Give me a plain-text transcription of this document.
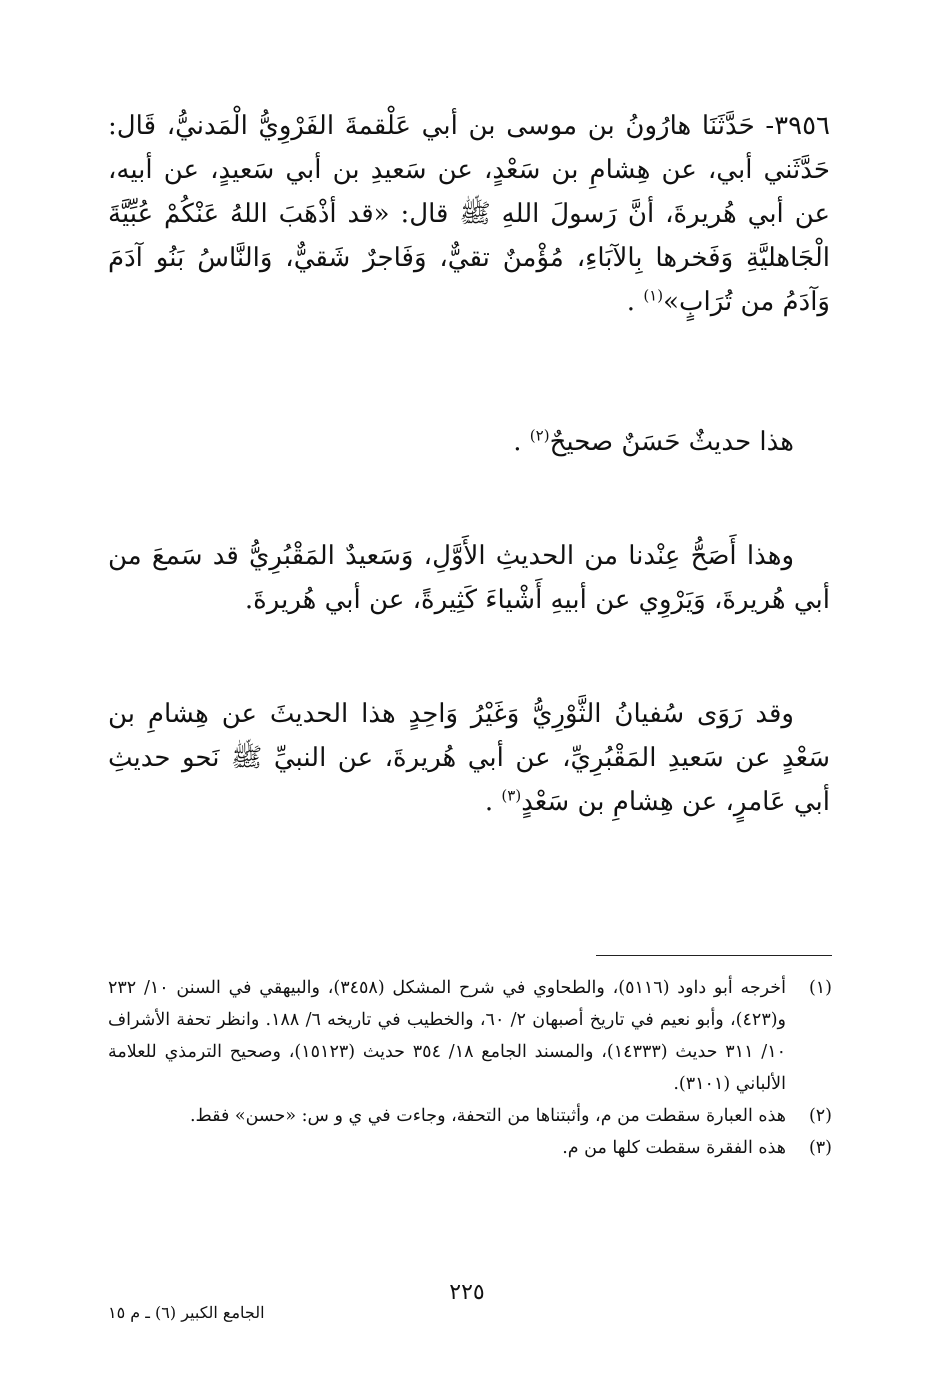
٣٩٥٦- حَدَّثَنَا هارُونُ بن موسى بن أبي عَلْقمةَ الفَرْوِيُّ الْمَدنيُّ، قَال: حَدَّثَني أبي، عن هِشامِ بن سَعْدٍ، عن سَعيدِ بن أبي سَعيدٍ، عن أبيه، عن أبي هُريرةَ، أنَّ رَسولَ اللهِ ﷺ قال: «قد أذْهَبَ اللهُ عَنْكُمْ عُبِّيَّةَ الْجَاهليَّةِ وَفَخرها بِالآبَاءِ، مُؤْمنٌ تقيٌّ، وَفَاجرٌ شَقيٌّ، وَالنَّاسُ بَنُو آدَمَ وَآدَمُ من تُرَابٍ»$^{(١)}$ .

هذا حديثٌ حَسَنٌ صحيحٌ$^{(٢)}$ .

وهذا أَصَحُّ عِنْدنا من الحديثِ الأَوَّلِ، وَسَعيدٌ المَقْبُرِيُّ قد سَمعَ من أبي هُريرةَ، وَيَرْوِي عن أبيهِ أَشْياءَ كَثِيرةً، عن أبي هُريرةَ.

وقد رَوَى سُفيانُ الثَّوْرِيُّ وَغَيْرُ وَاحِدٍ هذا الحديثَ عن هِشامِ بن سَعْدٍ عن سَعيدِ المَقْبُرِيِّ، عن أبي هُريرةَ، عن النبيِّ ﷺ نَحو حديثِ أبي عَامرٍ، عن هِشامِ بن سَعْدٍ$^{(٣)}$ .

(١)
أخرجه أبو داود (٥١١٦)، والطحاوي في شرح المشكل (٣٤٥٨)، والبيهقي في السنن ١٠/ ٢٣٢ و(٤٢٣)، وأبو نعيم في تاريخ أصبهان ٢/ ٦٠، والخطيب في تاريخه ٦/ ١٨٨. وانظر تحفة الأشراف ١٠/ ٣١١ حديث (١٤٣٣٣)، والمسند الجامع ١٨/ ٣٥٤ حديث (١٥١٢٣)، وصحيح الترمذي للعلامة الألباني (٣١٠١).
(٢)
هذه العبارة سقطت من م، وأثبتناها من التحفة، وجاءت في ي و س: «حسن» فقط.
(٣)
هذه الفقرة سقطت كلها من م.
٢٢٥
الجامع الكبير (٦) ـ م ١٥
